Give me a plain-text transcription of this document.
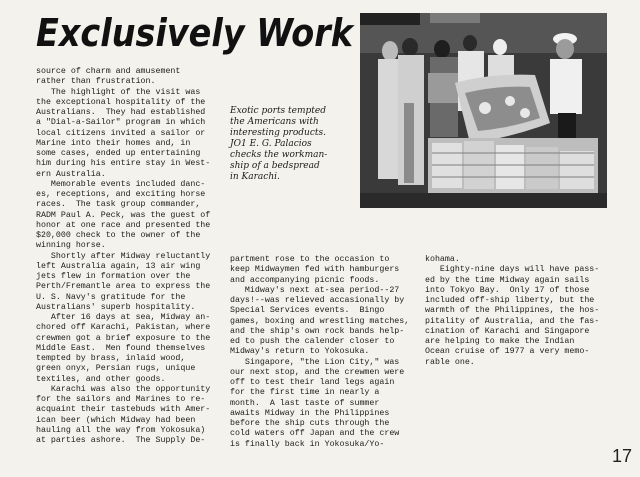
Exclusively Work
source of charm and amusement
rather than frustration.
The highlight of the visit was
the exceptional hospitality of the
Australians.  They had established
a "Dial-a-Sailor" program in which
local citizens invited a sailor or
Marine into their homes and, in
some cases, ended up entertaining
him during his entire stay in West-
ern Australia.
Memorable events included danc-
es, receptions, and exciting horse
races.  The task group commander,
RADM Paul A. Peck, was the guest of
honor at one race and presented the
$20,000 check to the owner of the
winning horse.
Shortly after Midway reluctantly
left Australia again, 13 air wing
jets flew in formation over the
Perth/Fremantle area to express the
U. S. Navy's gratitude for the
Australians' superb hospitality.
After 16 days at sea, Midway an-
chored off Karachi, Pakistan, where
crewmen got a brief exposure to the
Middle East.  Men found themselves
tempted by brass, inlaid wood,
green onyx, Persian rugs, unique
textiles, and other goods.
Karachi was also the opportunity
for the sailors and Marines to re-
acquaint their tastebuds with Amer-
ican beer (which Midway had been
hauling all the way from Yokosuka)
at parties ashore.  The Supply De-
partment rose to the occasion to
keep Midwaymen fed with hamburgers
and accompanying picnic foods.
Midway's next at-sea period--27
days!--was relieved accasionally by
Special Services events.  Bingo
games, boxing and wrestling matches,
and the ship's own rock bands help-
ed to push the calender closer to
Midway's return to Yokosuka.
Singapore, "the Lion City," was
our next stop, and the crewmen were
off to test their land legs again
for the first time in nearly a
month.  A last taste of summer
awaits Midway in the Philippines
before the ship cuts through the
cold waters off Japan and the crew
is finally back in Yokosuka/Yo-
kohama.
Eighty-nine days will have pass-
ed by the time Midway again sails
into Tokyo Bay.  Only 17 of those
included off-ship liberty, but the
warmth of the Philippines, the hos-
pitality of Australia, and the fas-
cination of Karachi and Singapore
are helping to make the Indian
Ocean cruise of 1977 a very memo-
rable one.
Exotic ports tempted
the Americans with
interesting products.
JO1 E. G. Palacios
checks the workman-
ship of a bedspread
in Karachi.
17
